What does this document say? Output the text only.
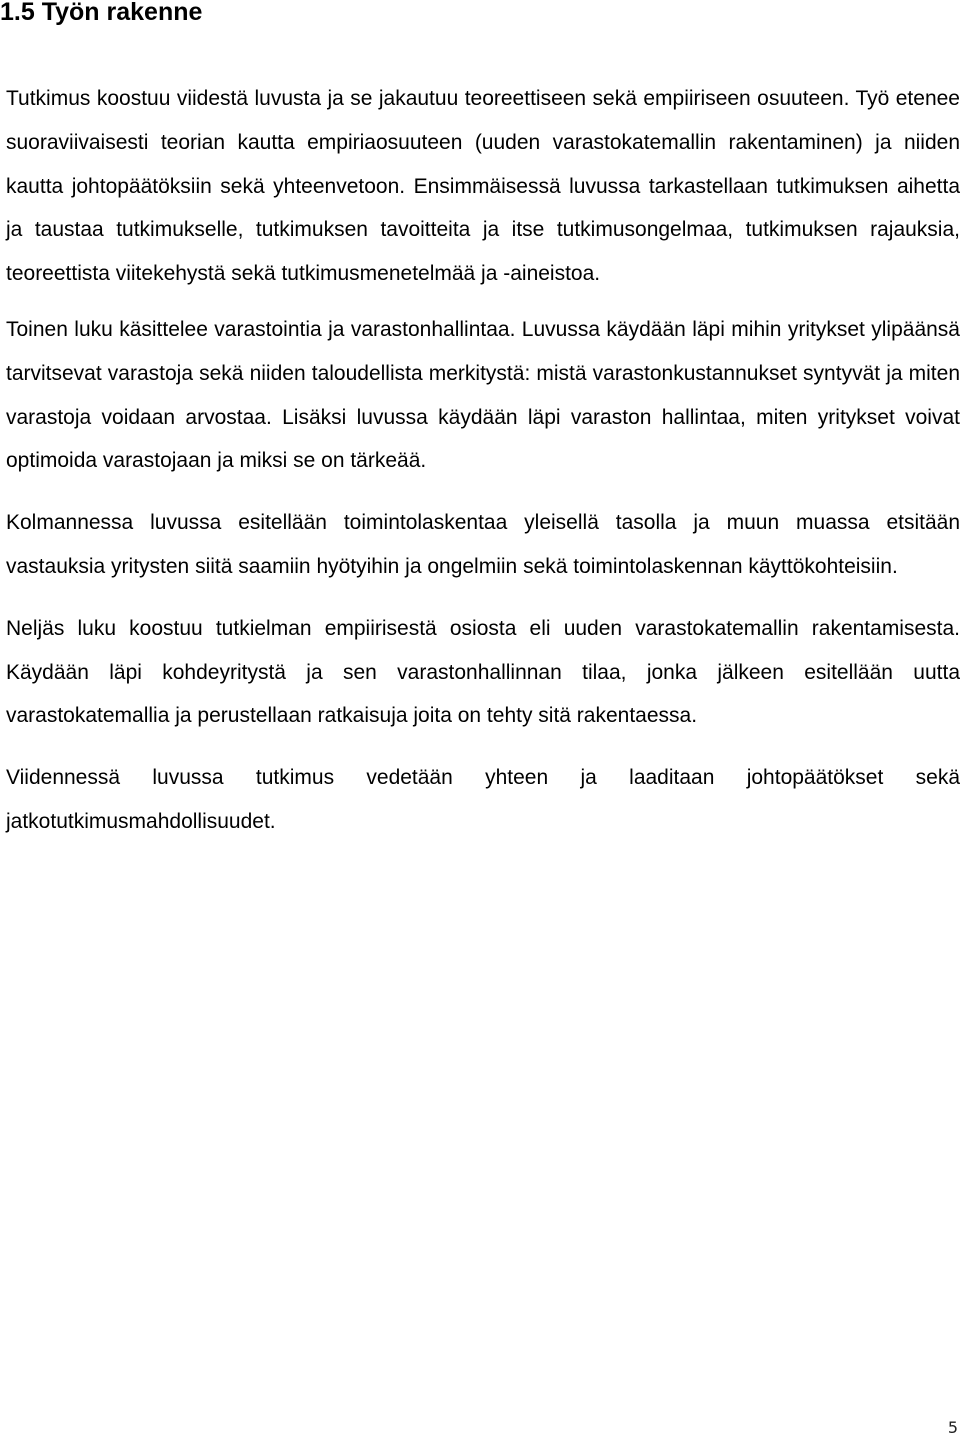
1.5 Työn rakenne

Tutkimus koostuu viidestä luvusta ja se jakautuu teoreettiseen sekä empiiriseen osuuteen. Työ etenee suoraviivaisesti teorian kautta empiriaosuuteen (uuden varastokatemallin rakentaminen) ja niiden kautta johtopäätöksiin sekä yhteenvetoon. Ensimmäisessä luvussa tarkastellaan tutkimuksen aihetta ja taustaa tutkimukselle, tutkimuksen tavoitteita ja itse tutkimusongelmaa, tutkimuksen rajauksia, teoreettista viitekehystä sekä tutkimusmenetelmää ja -aineistoa.

Toinen luku käsittelee varastointia ja varastonhallintaa. Luvussa käydään läpi mihin yritykset ylipäänsä tarvitsevat varastoja sekä niiden taloudellista merkitystä: mistä varastonkustannukset syntyvät ja miten varastoja voidaan arvostaa. Lisäksi luvussa käydään läpi varaston hallintaa, miten yritykset voivat optimoida varastojaan ja miksi se on tärkeää.

Kolmannessa luvussa esitellään toimintolaskentaa yleisellä tasolla ja muun muassa etsitään vastauksia yritysten siitä saamiin hyötyihin ja ongelmiin sekä toimintolaskennan käyttökohteisiin.

Neljäs luku koostuu tutkielman empiirisestä osiosta eli uuden varastokatemallin rakentamisesta. Käydään läpi kohdeyritystä ja sen varastonhallinnan tilaa, jonka jälkeen esitellään uutta varastokatemallia ja perustellaan ratkaisuja joita on tehty sitä rakentaessa.

Viidennessä luvussa tutkimus vedetään yhteen ja laaditaan johtopäätökset sekä jatkotutkimusmahdollisuudet.

5
